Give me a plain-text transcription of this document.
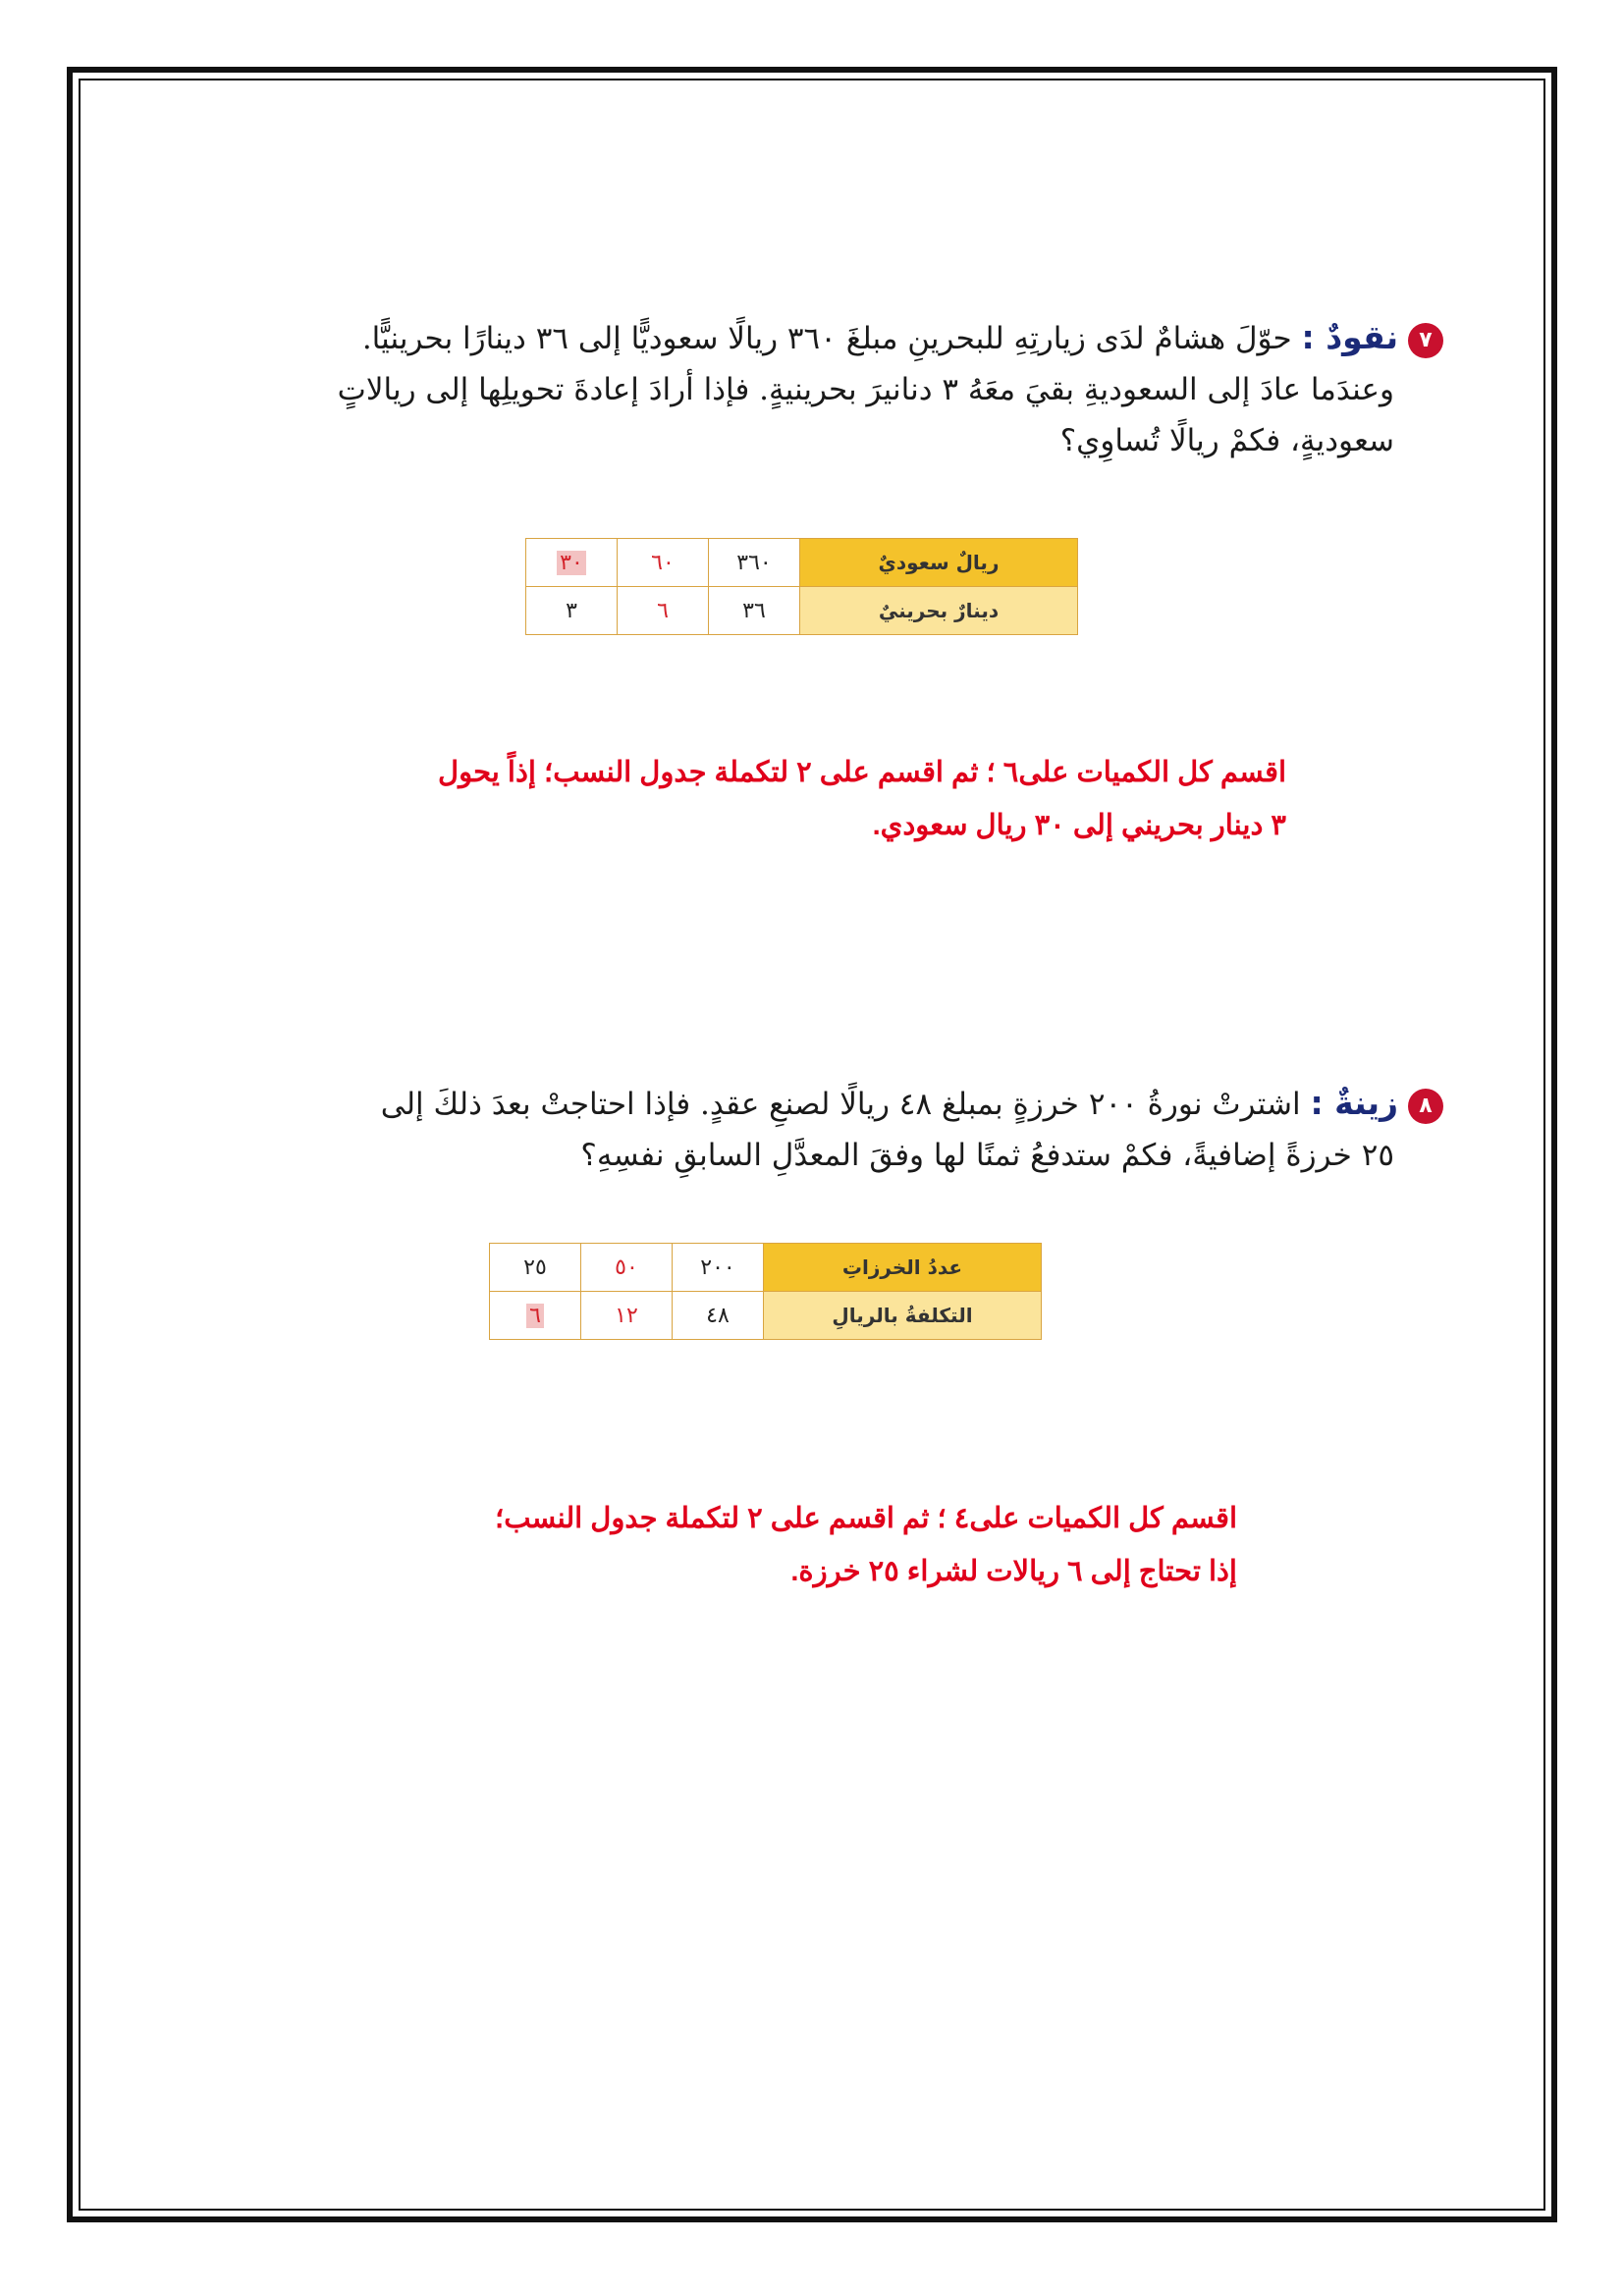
٧نقودٌ : حوّلَ هشامٌ لدَى زيارتِهِ للبحرينِ مبلغَ ٣٦٠ ريالًا سعوديًّا إلى ٣٦ دينارًا بحرينيًّا.
وعندَما عادَ إلى السعوديةِ بقيَ معَهُ ٣ دنانيرَ بحرينيةٍ. فإذا أرادَ إعادةَ تحويلِها إلى ريالاتٍ
سعوديةٍ، فكمْ ريالًا تُساوِي؟
ريالٌ سعوديٌ	٣٦٠	٦٠	٣٠
دينارٌ بحرينيٌ	٣٦	٦	٣
اقسم كل الكميات على٦ ؛ ثم اقسم على ٢ لتكملة جدول النسب؛ إذاً يحول
٣ دينار بحريني إلى ٣٠ ريال سعودي.
٨زينةٌ : اشترتْ نورةُ ٢٠٠ خرزةٍ بمبلغ ٤٨ ريالًا لصنعِ عقدٍ. فإذا احتاجتْ بعدَ ذلكَ إلى
٢٥ خرزةً إضافيةً، فكمْ ستدفعُ ثمنًا لها وفقَ المعدَّلِ السابقِ نفسِهِ؟
عددُ الخرزاتِ	٢٠٠	٥٠	٢٥
التكلفةُ بالريالِ	٤٨	١٢	٦
اقسم كل الكميات على٤ ؛ ثم اقسم على ٢ لتكملة جدول النسب؛
إذا تحتاج إلى ٦ ريالات لشراء ٢٥ خرزة.
